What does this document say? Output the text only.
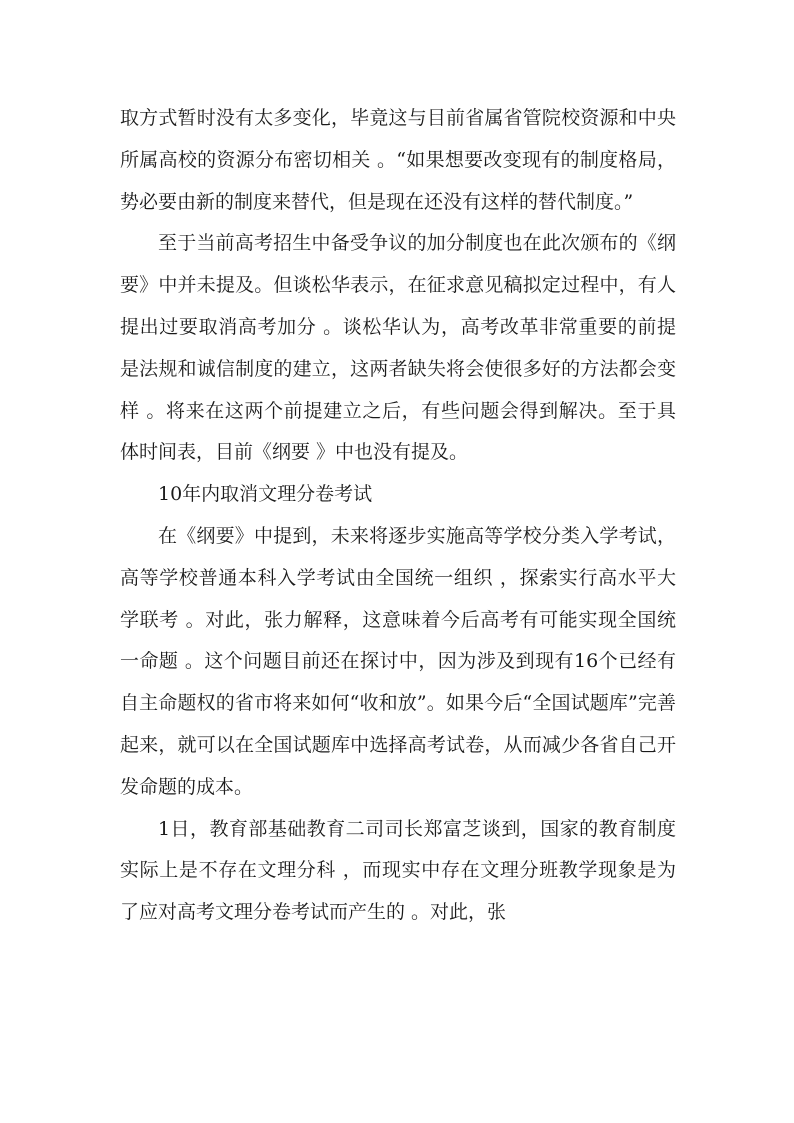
取方式暂时没有太多变化，毕竟这与目前省属省管院校资源和中央所属高校的资源分布密切相关 。“如果想要改变现有的制度格局，势必要由新的制度来替代，但是现在还没有这样的替代制度。”

至于当前高考招生中备受争议的加分制度也在此次颁布的《纲要》中并未提及。但谈松华表示，在征求意见稿拟定过程中，有人提出过要取消高考加分 。谈松华认为，高考改革非常重要的前提是法规和诚信制度的建立，这两者缺失将会使很多好的方法都会变样 。将来在这两个前提建立之后，有些问题会得到解决。至于具体时间表，目前《纲要 》中也没有提及。

10年内取消文理分卷考试

在《纲要》中提到，未来将逐步实施高等学校分类入学考试，高等学校普通本科入学考试由全国统一组织 ，探索实行高水平大学联考 。对此，张力解释，这意味着今后高考有可能实现全国统一命题 。这个问题目前还在探讨中，因为涉及到现有16个已经有自主命题权的省市将来如何“收和放”。如果今后“全国试题库”完善起来，就可以在全国试题库中选择高考试卷，从而减少各省自己开发命题的成本。

1日，教育部基础教育二司司长郑富芝谈到，国家的教育制度实际上是不存在文理分科 ，而现实中存在文理分班教学现象是为了应对高考文理分卷考试而产生的 。对此，张
